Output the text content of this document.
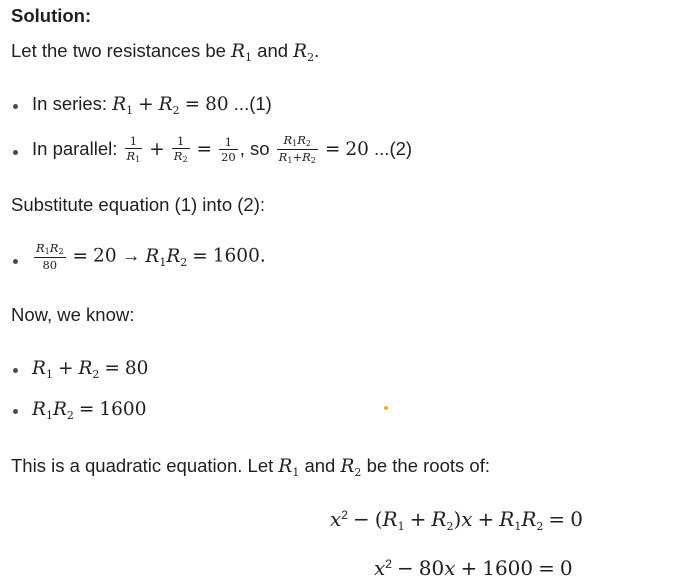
Solution:
Let the two resistances be $R_1$ and $R_2$.
In series: $R_1 + R_2 = 80$ ...(1)
In parallel: $\frac{1}{R_1} + \frac{1}{R_2} = \frac{1}{20}$ , so $\frac{R_1R_2}{R_1+R_2} = 20$ ...(2)
Substitute equation (1) into (2):
$\frac{R_1R_2}{80} = 20 \to R_1R_2 = 1600$.
Now, we know:
$R_1 + R_2 = 80$
$R_1R_2 = 1600$
This is a quadratic equation. Let $R_1$ and $R_2$ be the roots of:
$x^2 - (R_1 + R_2)x + R_1R_2 = 0$
$x^2 - 80x + 1600 = 0$
